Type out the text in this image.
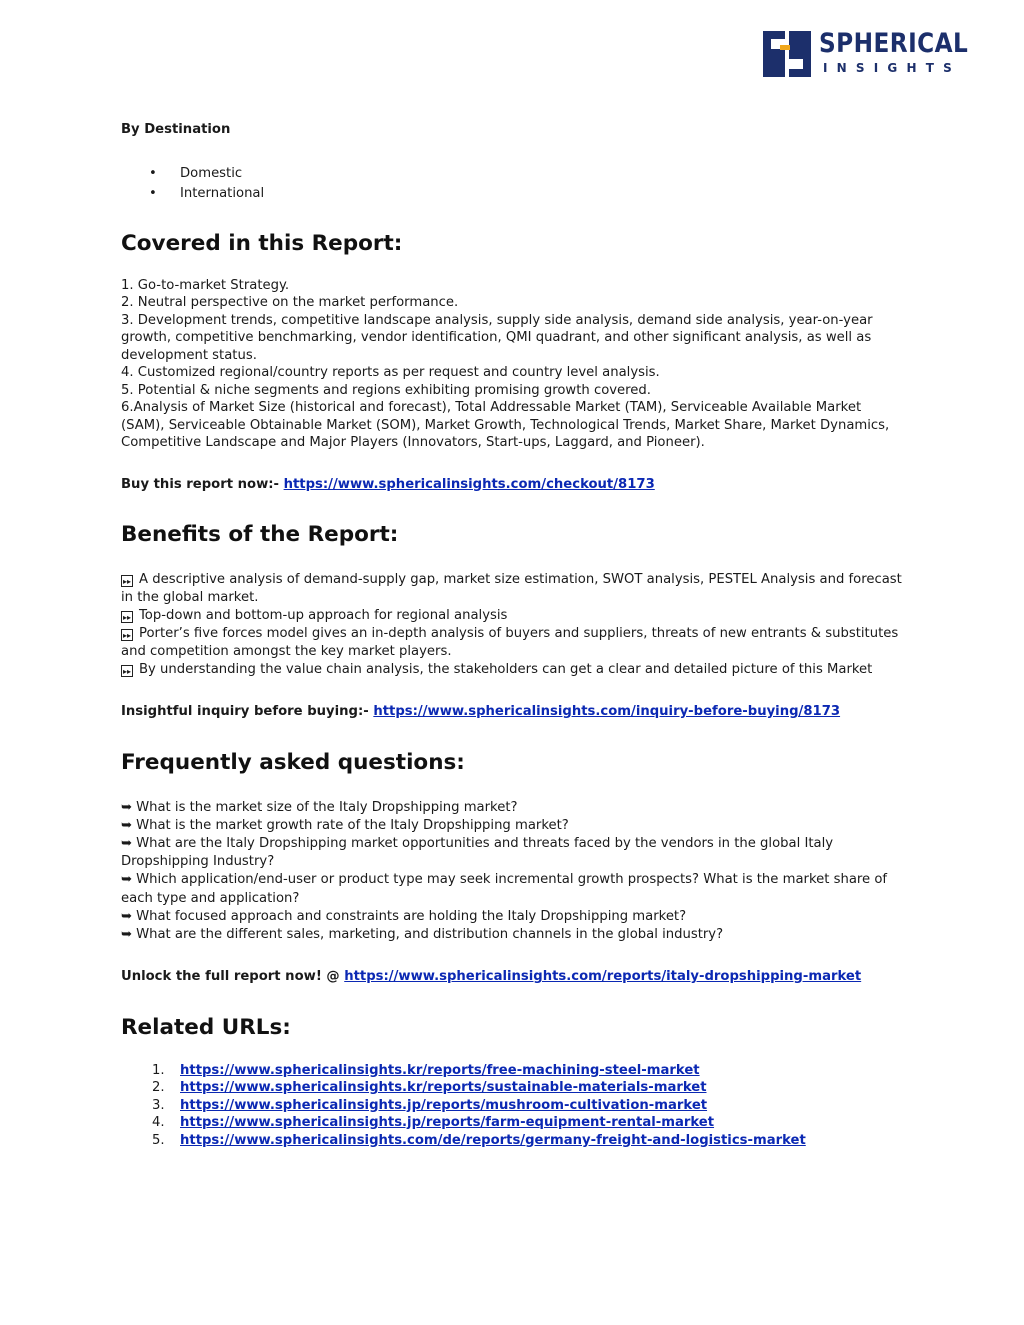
SPHERICAL
INSIGHTS
By Destination
• Domestic
• International
Covered in this Report:

1. Go-to-market Strategy.

2. Neutral perspective on the market performance.

3. Development trends, competitive landscape analysis, supply side analysis, demand side analysis, year-on-year growth, competitive benchmarking, vendor identification, QMI quadrant, and other significant analysis, as well as development status.

4. Customized regional/country reports as per request and country level analysis.

5. Potential & niche segments and regions exhibiting promising growth covered.

6.Analysis of Market Size (historical and forecast), Total Addressable Market (TAM), Serviceable Available Market (SAM), Serviceable Obtainable Market (SOM), Market Growth, Technological Trends, Market Share, Market Dynamics, Competitive Landscape and Major Players (Innovators, Start-ups, Laggard, and Pioneer).

Buy this report now:- https://www.sphericalinsights.com/checkout/8173
Benefits of the Report:

▸▸ A descriptive analysis of demand-supply gap, market size estimation, SWOT analysis, PESTEL Analysis and forecast in the global market.

▸▸ Top-down and bottom-up approach for regional analysis

▸▸ Porter’s five forces model gives an in-depth analysis of buyers and suppliers, threats of new entrants & substitutes and competition amongst the key market players.

▸▸ By understanding the value chain analysis, the stakeholders can get a clear and detailed picture of this Market

Insightful inquiry before buying:- https://www.sphericalinsights.com/inquiry-before-buying/8173
Frequently asked questions:

➥ What is the market size of the Italy Dropshipping market?

➥ What is the market growth rate of the Italy Dropshipping market?

➥ What are the Italy Dropshipping market opportunities and threats faced by the vendors in the global Italy Dropshipping Industry?

➥ Which application/end-user or product type may seek incremental growth prospects? What is the market share of each type and application?

➥ What focused approach and constraints are holding the Italy Dropshipping market?

➥ What are the different sales, marketing, and distribution channels in the global industry?

Unlock the full report now! @ https://www.sphericalinsights.com/reports/italy-dropshipping-market
Related URLs:
1. https://www.sphericalinsights.kr/reports/free-machining-steel-market
2. https://www.sphericalinsights.kr/reports/sustainable-materials-market
3. https://www.sphericalinsights.jp/reports/mushroom-cultivation-market
4. https://www.sphericalinsights.jp/reports/farm-equipment-rental-market
5. https://www.sphericalinsights.com/de/reports/germany-freight-and-logistics-market
